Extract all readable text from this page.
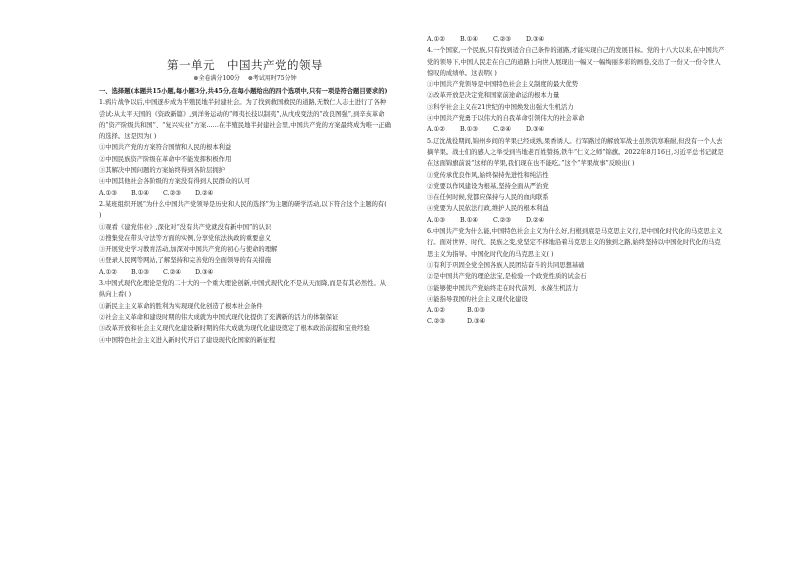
第一单元 中国共产党的领导
⊗全卷满分100分 ⊗考试用时75分钟

一、选择题(本题共15小题,每小题3分,共45分,在每小题给出的四个选项中,只有一项是符合题目要求的)

1.鸦片战争以后,中国逐步成为半殖民地半封建社会。为了找到救国救民的道路,无数仁人志士进行了各种尝试:从太平天国的《资政新篇》,到洋务运动的“师夷长技以制夷”,从戊戌变法的“改良图强”,到辛亥革命的“资产阶级共和国”、“复兴实业”方案……在半殖民地半封建社会里,中国共产党的方案最终成为唯一正确的选择。这是因为( )

①中国共产党的方案符合国情和人民的根本利益

②中国民族资产阶级在革命中不能发挥积极作用

③其解决中国问题的方案始终得到各阶层拥护

④中国其他社会各阶级的方案没有得到人民群众的认可

A.①③ B.①④ C.②③ D.②④

2.某班组织开展“为什么中国共产党领导是历史和人民的选择”为主题的研学活动,以下符合这个主题的有( )

①观看《建党伟业》,深化对“没有共产党就没有新中国”的认识

②搜集党在带头守法等方面的实例,分享党依法执政的重要意义

③开展党史学习教育活动,加深对中国共产党的初心与使命的理解

④登录人民网等网站,了解坚持和完善党的全面领导的有关措施

A.①② B.①③ C.②④ D.③④

3.中国式现代化理论是党的二十大的一个重大理论创新,中国式现代化不是从天而降,而是有其必然性。从纵向上看( )

①新民主主义革命的胜利为实现现代化创造了根本社会条件

②社会主义革命和建设时期的伟大成就为中国式现代化提供了充满新的活力的体制保证

③改革开放和社会主义现代化建设新时期的伟大成就为现代化建设奠定了根本政治前提和宝贵经验

④中国特色社会主义进入新时代开启了建设现代化国家的新征程

A.①② B.①④ C.②③ D.③④

4.一个国家,一个民族,只有找到适合自己条件的道路,才能实现自己的发展目标。党的十八大以来,在中国共产党的领导下,中国人民走在自己的道路上向世人展现出一幅又一幅绚丽多彩的画卷,交出了一份又一份令世人惊叹的成绩单。这表明( )

①中国共产党领导是中国特色社会主义制度的最大优势

②改革开放是决定党和国家前途命运的根本力量

③科学社会主义在21世纪的中国焕发出强大生机活力

④中国共产党勇于以伟大的自我革命引领伟大的社会革命

A.①② B.①③ C.②④ D.③④

5.辽沈战役期间,锦州乡间的苹果已经成熟,果香诱人。行军路过的解放军战士虽然饥寒难耐,但没有一个人去摘苹果。战士们的感人之举受到当地老百姓赞扬,铁牛“仁义之师”锦旗。2022年8月16日,习近平总书记就是在这面锦旗前说“这样的苹果,我们现在也不能吃。”这个“苹果故事”反映出( )

①党传承优良作风,始终保持先进性和纯洁性

②党要以作风建设为根基,坚持全面从严治党

③在任何时候,党都应保持与人民的血肉联系

④党要为人民依法行政,维护人民的根本利益

A.①③ B.①④ C.②③ D.②④

6.中国共产党为什么能,中国特色社会主义为什么好,归根到底是马克思主义行,是中国化时代化的马克思主义行。面对世界、时代、民族之变,党坚定不移地沿着马克思主义的独到之路,始终坚持以中国化时代化的马克思主义为指导。中国化时代化的马克思主义( )

①有利于巩固全党全国各族人民团结奋斗的共同思想基础

②是中国共产党的理论法宝,是检验一个政党性质的试金石

③能够使中国共产党始终走在时代前列、永葆生机活力

④能指导我国的社会主义现代化建设

A.①②	B.①③

C.②③	D.③④
